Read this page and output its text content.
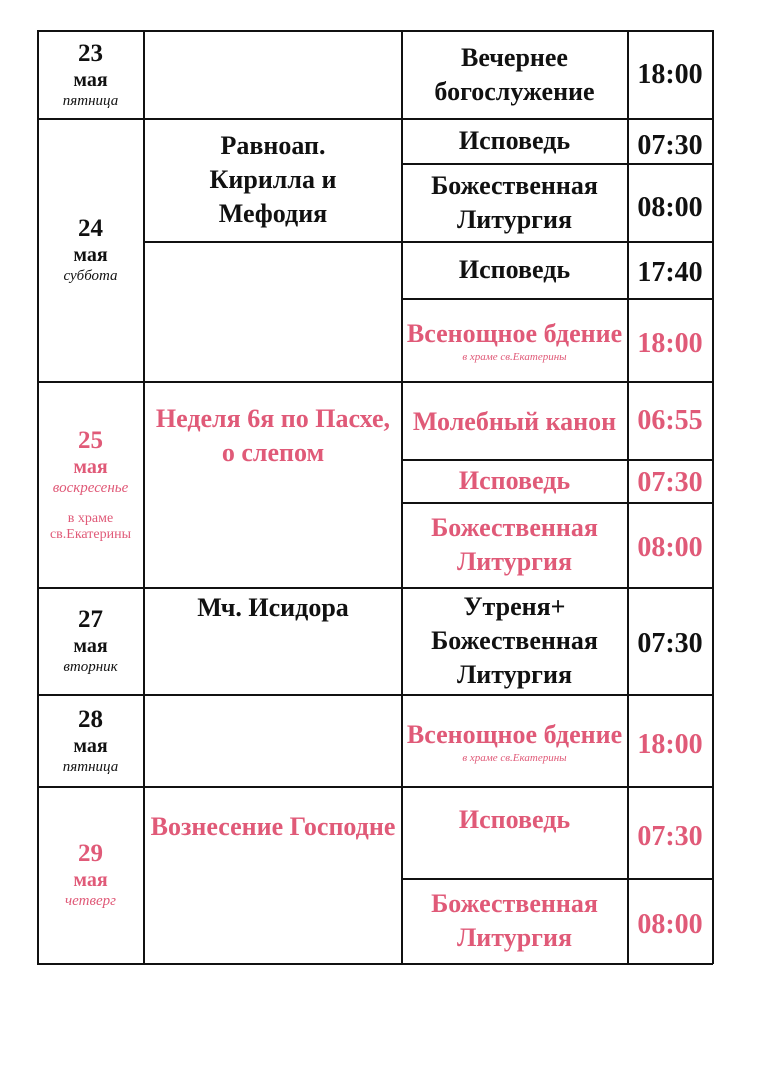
23
мая
пятница
24
мая
суббота
25
мая
воскресенье
в храме св.Екатерины
27
мая
вторник
28
мая
пятница
29
мая
четверг
Равноап. Кирилла и Мефодия
Неделя 6я по Пасхе, о слепом
Мч. Исидора
Вознесение Господне
Вечернее богослужение
Исповедь
Божественная Литургия
Исповедь
Всенощное бдение
в храме св.Екатерины
Молебный канон
Исповедь
Божественная Литургия
Утреня+ Божественная Литургия
Всенощное бдение
в храме св.Екатерины
Исповедь
Божественная Литургия
18:00
07:30
08:00
17:40
18:00
06:55
07:30
08:00
07:30
18:00
07:30
08:00
